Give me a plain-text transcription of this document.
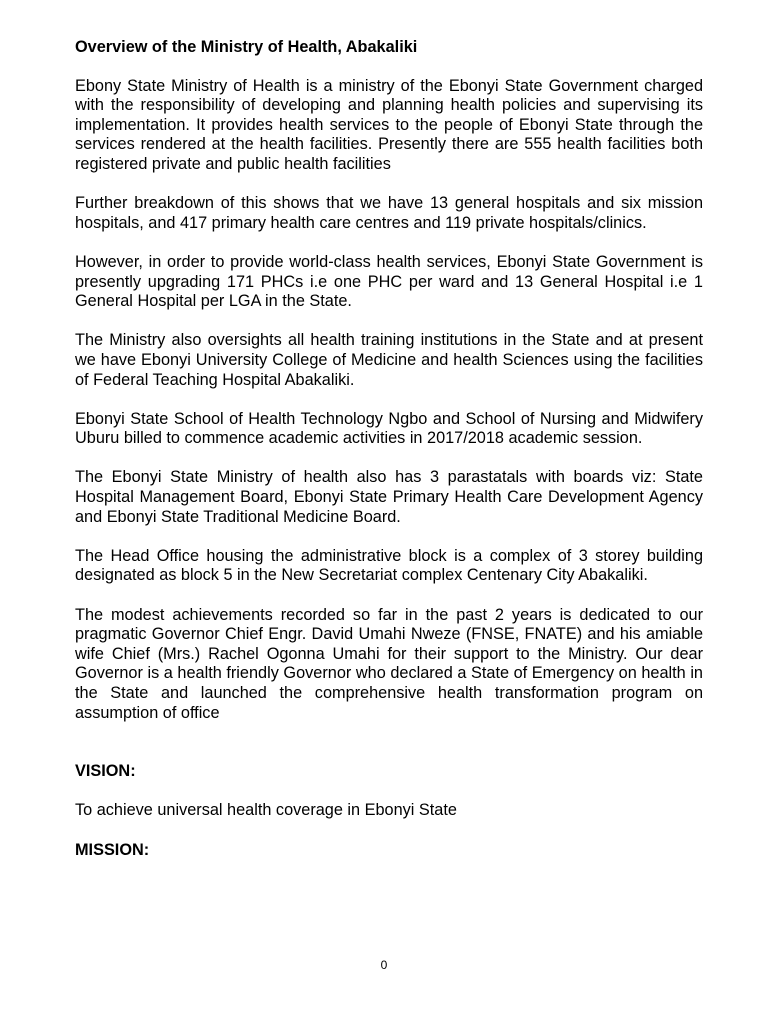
Overview of the Ministry of Health, Abakaliki

Ebony State Ministry of Health is a ministry of the Ebonyi State Government charged with the responsibility of developing and planning health policies and supervising its implementation. It provides health services to the people of Ebonyi State through the services rendered at the health facilities. Presently there are 555 health facilities both registered private and public health facilities

Further breakdown of this shows that we have 13 general hospitals and six mission hospitals, and 417 primary health care centres and 119 private hospitals/clinics.

However, in order to provide world-class health services, Ebonyi State Government is presently upgrading 171 PHCs i.e one PHC per ward and 13 General Hospital i.e 1 General Hospital per LGA in the State.

The Ministry also oversights all health training institutions in the State and at present we have Ebonyi University College of Medicine and health Sciences using the facilities of Federal Teaching Hospital Abakaliki.

Ebonyi State School of Health Technology Ngbo and School of Nursing and Midwifery Uburu billed to commence academic activities in 2017/2018 academic session.

The Ebonyi State Ministry of health also has 3 parastatals with boards viz: State Hospital Management Board, Ebonyi State Primary Health Care Development Agency and Ebonyi State Traditional Medicine Board.

The Head Office housing the administrative block is a complex of 3 storey building designated as block 5 in the New Secretariat complex Centenary City Abakaliki.

The modest achievements recorded so far in the past 2 years is dedicated to our pragmatic Governor Chief Engr. David Umahi Nweze (FNSE, FNATE) and his amiable wife Chief (Mrs.) Rachel Ogonna Umahi for their support to the Ministry. Our dear Governor is a health friendly Governor who declared a State of Emergency on health in the State and launched the comprehensive health transformation program on assumption of office

VISION:

To achieve universal health coverage in Ebonyi State

MISSION:
0
